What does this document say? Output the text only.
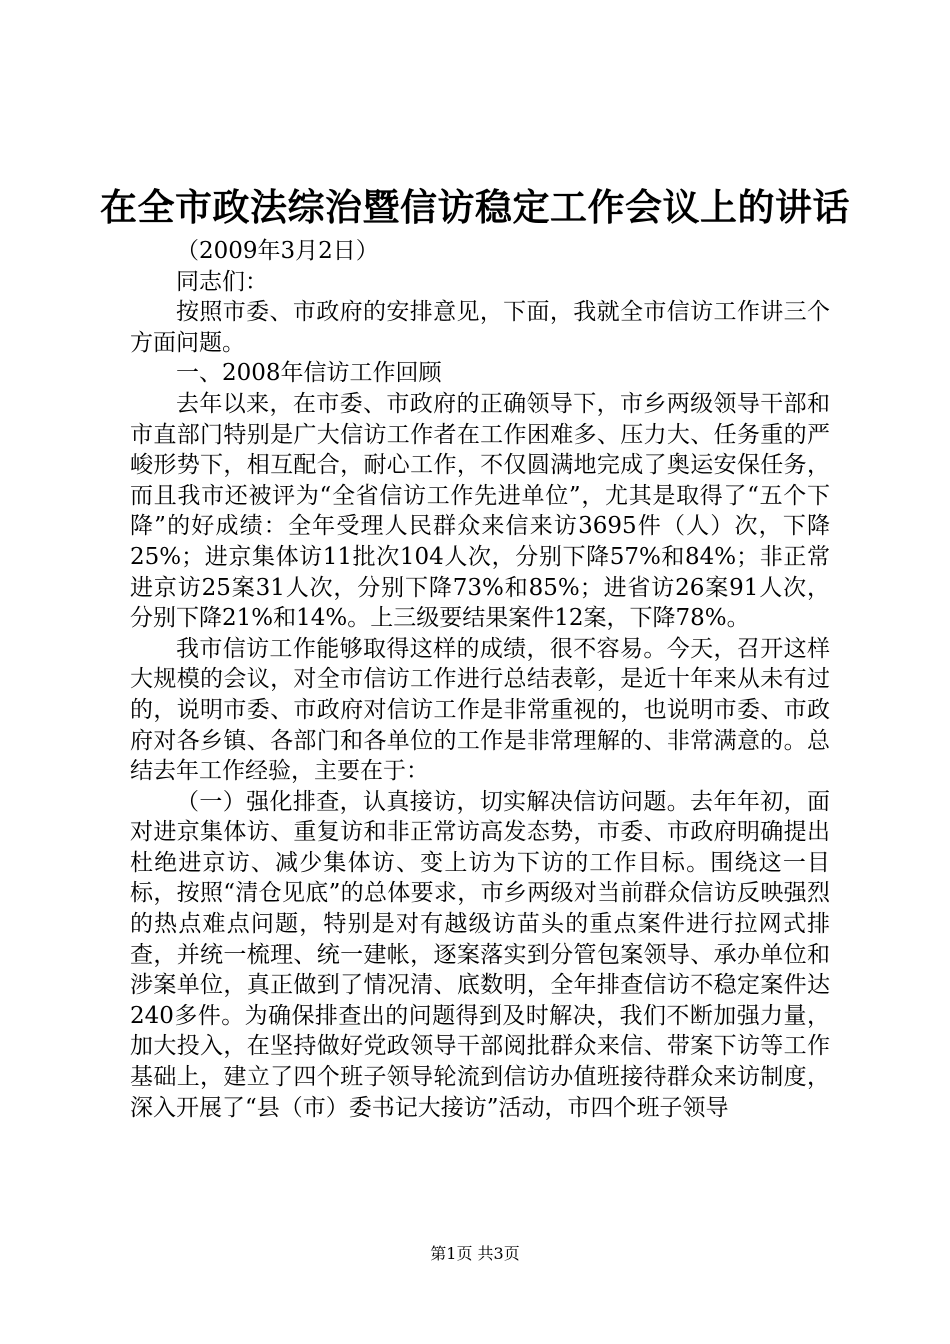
在全市政法综治暨信访稳定工作会议上的讲话

（2009年3月2日）

同志们：

按照市委、市政府的安排意见，下面，我就全市信访工作讲三个方面问题。

一、2008年信访工作回顾

去年以来，在市委、市政府的正确领导下，市乡两级领导干部和市直部门特别是广大信访工作者在工作困难多、压力大、任务重的严峻形势下，相互配合，耐心工作，不仅圆满地完成了奥运安保任务，而且我市还被评为“全省信访工作先进单位”，尤其是取得了“五个下降”的好成绩：全年受理人民群众来信来访3695件（人）次，下降25%；进京集体访11批次104人次，分别下降57%和84%；非正常进京访25案31人次，分别下降73%和85%；进省访26案91人次，分别下降21%和14%。上三级要结果案件12案，下降78%。

我市信访工作能够取得这样的成绩，很不容易。今天，召开这样大规模的会议，对全市信访工作进行总结表彰，是近十年来从未有过的，说明市委、市政府对信访工作是非常重视的，也说明市委、市政府对各乡镇、各部门和各单位的工作是非常理解的、非常满意的。总结去年工作经验，主要在于：

（一）强化排查，认真接访，切实解决信访问题。去年年初，面对进京集体访、重复访和非正常访高发态势，市委、市政府明确提出杜绝进京访、减少集体访、变上访为下访的工作目标。围绕这一目标，按照“清仓见底”的总体要求，市乡两级对当前群众信访反映强烈的热点难点问题，特别是对有越级访苗头的重点案件进行拉网式排查，并统一梳理、统一建帐，逐案落实到分管包案领导、承办单位和涉案单位，真正做到了情况清、底数明，全年排查信访不稳定案件达240多件。为确保排查出的问题得到及时解决，我们不断加强力量，加大投入，在坚持做好党政领导干部阅批群众来信、带案下访等工作基础上，建立了四个班子领导轮流到信访办值班接待群众来访制度，深入开展了“县（市）委书记大接访”活动，市四个班子领导

第1页 共3页
